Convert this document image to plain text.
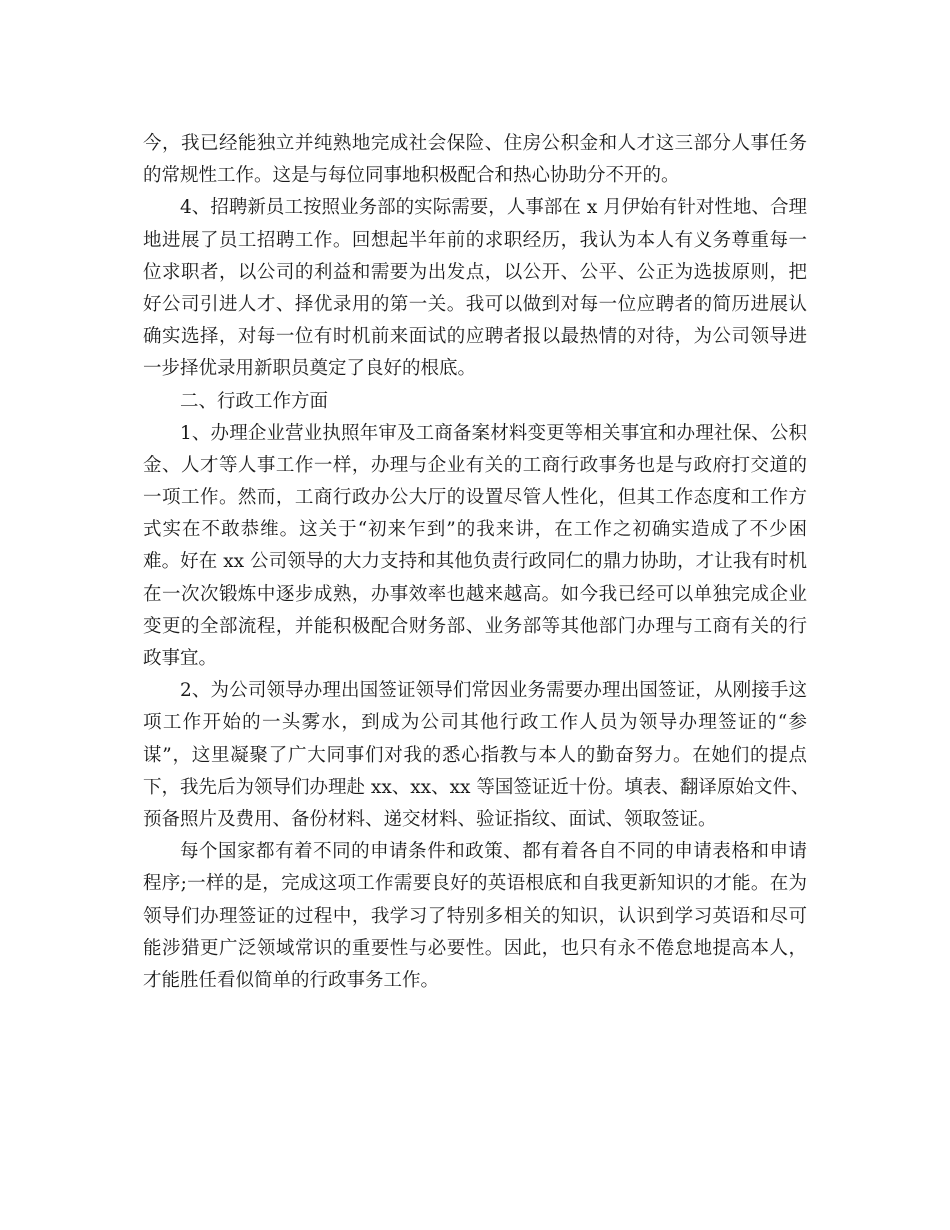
今，我已经能独立并纯熟地完成社会保险、住房公积金和人才这三部分人事任务
的常规性工作。这是与每位同事地积极配合和热心协助分不开的。
4、招聘新员工按照业务部的实际需要，人事部在 x 月伊始有针对性地、合理
地进展了员工招聘工作。回想起半年前的求职经历，我认为本人有义务尊重每一
位求职者，以公司的利益和需要为出发点，以公开、公平、公正为选拔原则，把
好公司引进人才、择优录用的第一关。我可以做到对每一位应聘者的简历进展认
确实选择，对每一位有时机前来面试的应聘者报以最热情的对待，为公司领导进
一步择优录用新职员奠定了良好的根底。
二、行政工作方面
1、办理企业营业执照年审及工商备案材料变更等相关事宜和办理社保、公积
金、人才等人事工作一样，办理与企业有关的工商行政事务也是与政府打交道的
一项工作。然而，工商行政办公大厅的设置尽管人性化，但其工作态度和工作方
式实在不敢恭维。这关于“初来乍到”的我来讲，在工作之初确实造成了不少困
难。好在 xx 公司领导的大力支持和其他负责行政同仁的鼎力协助，才让我有时机
在一次次锻炼中逐步成熟，办事效率也越来越高。如今我已经可以单独完成企业
变更的全部流程，并能积极配合财务部、业务部等其他部门办理与工商有关的行
政事宜。
2、为公司领导办理出国签证领导们常因业务需要办理出国签证，从刚接手这
项工作开始的一头雾水，到成为公司其他行政工作人员为领导办理签证的“参
谋”，这里凝聚了广大同事们对我的悉心指教与本人的勤奋努力。在她们的提点
下，我先后为领导们办理赴 xx、xx、xx 等国签证近十份。填表、翻译原始文件、
预备照片及费用、备份材料、递交材料、验证指纹、面试、领取签证。
每个国家都有着不同的申请条件和政策、都有着各自不同的申请表格和申请
程序;一样的是，完成这项工作需要良好的英语根底和自我更新知识的才能。在为
领导们办理签证的过程中，我学习了特别多相关的知识，认识到学习英语和尽可
能涉猎更广泛领域常识的重要性与必要性。因此，也只有永不倦怠地提高本人，
才能胜任看似简单的行政事务工作。
